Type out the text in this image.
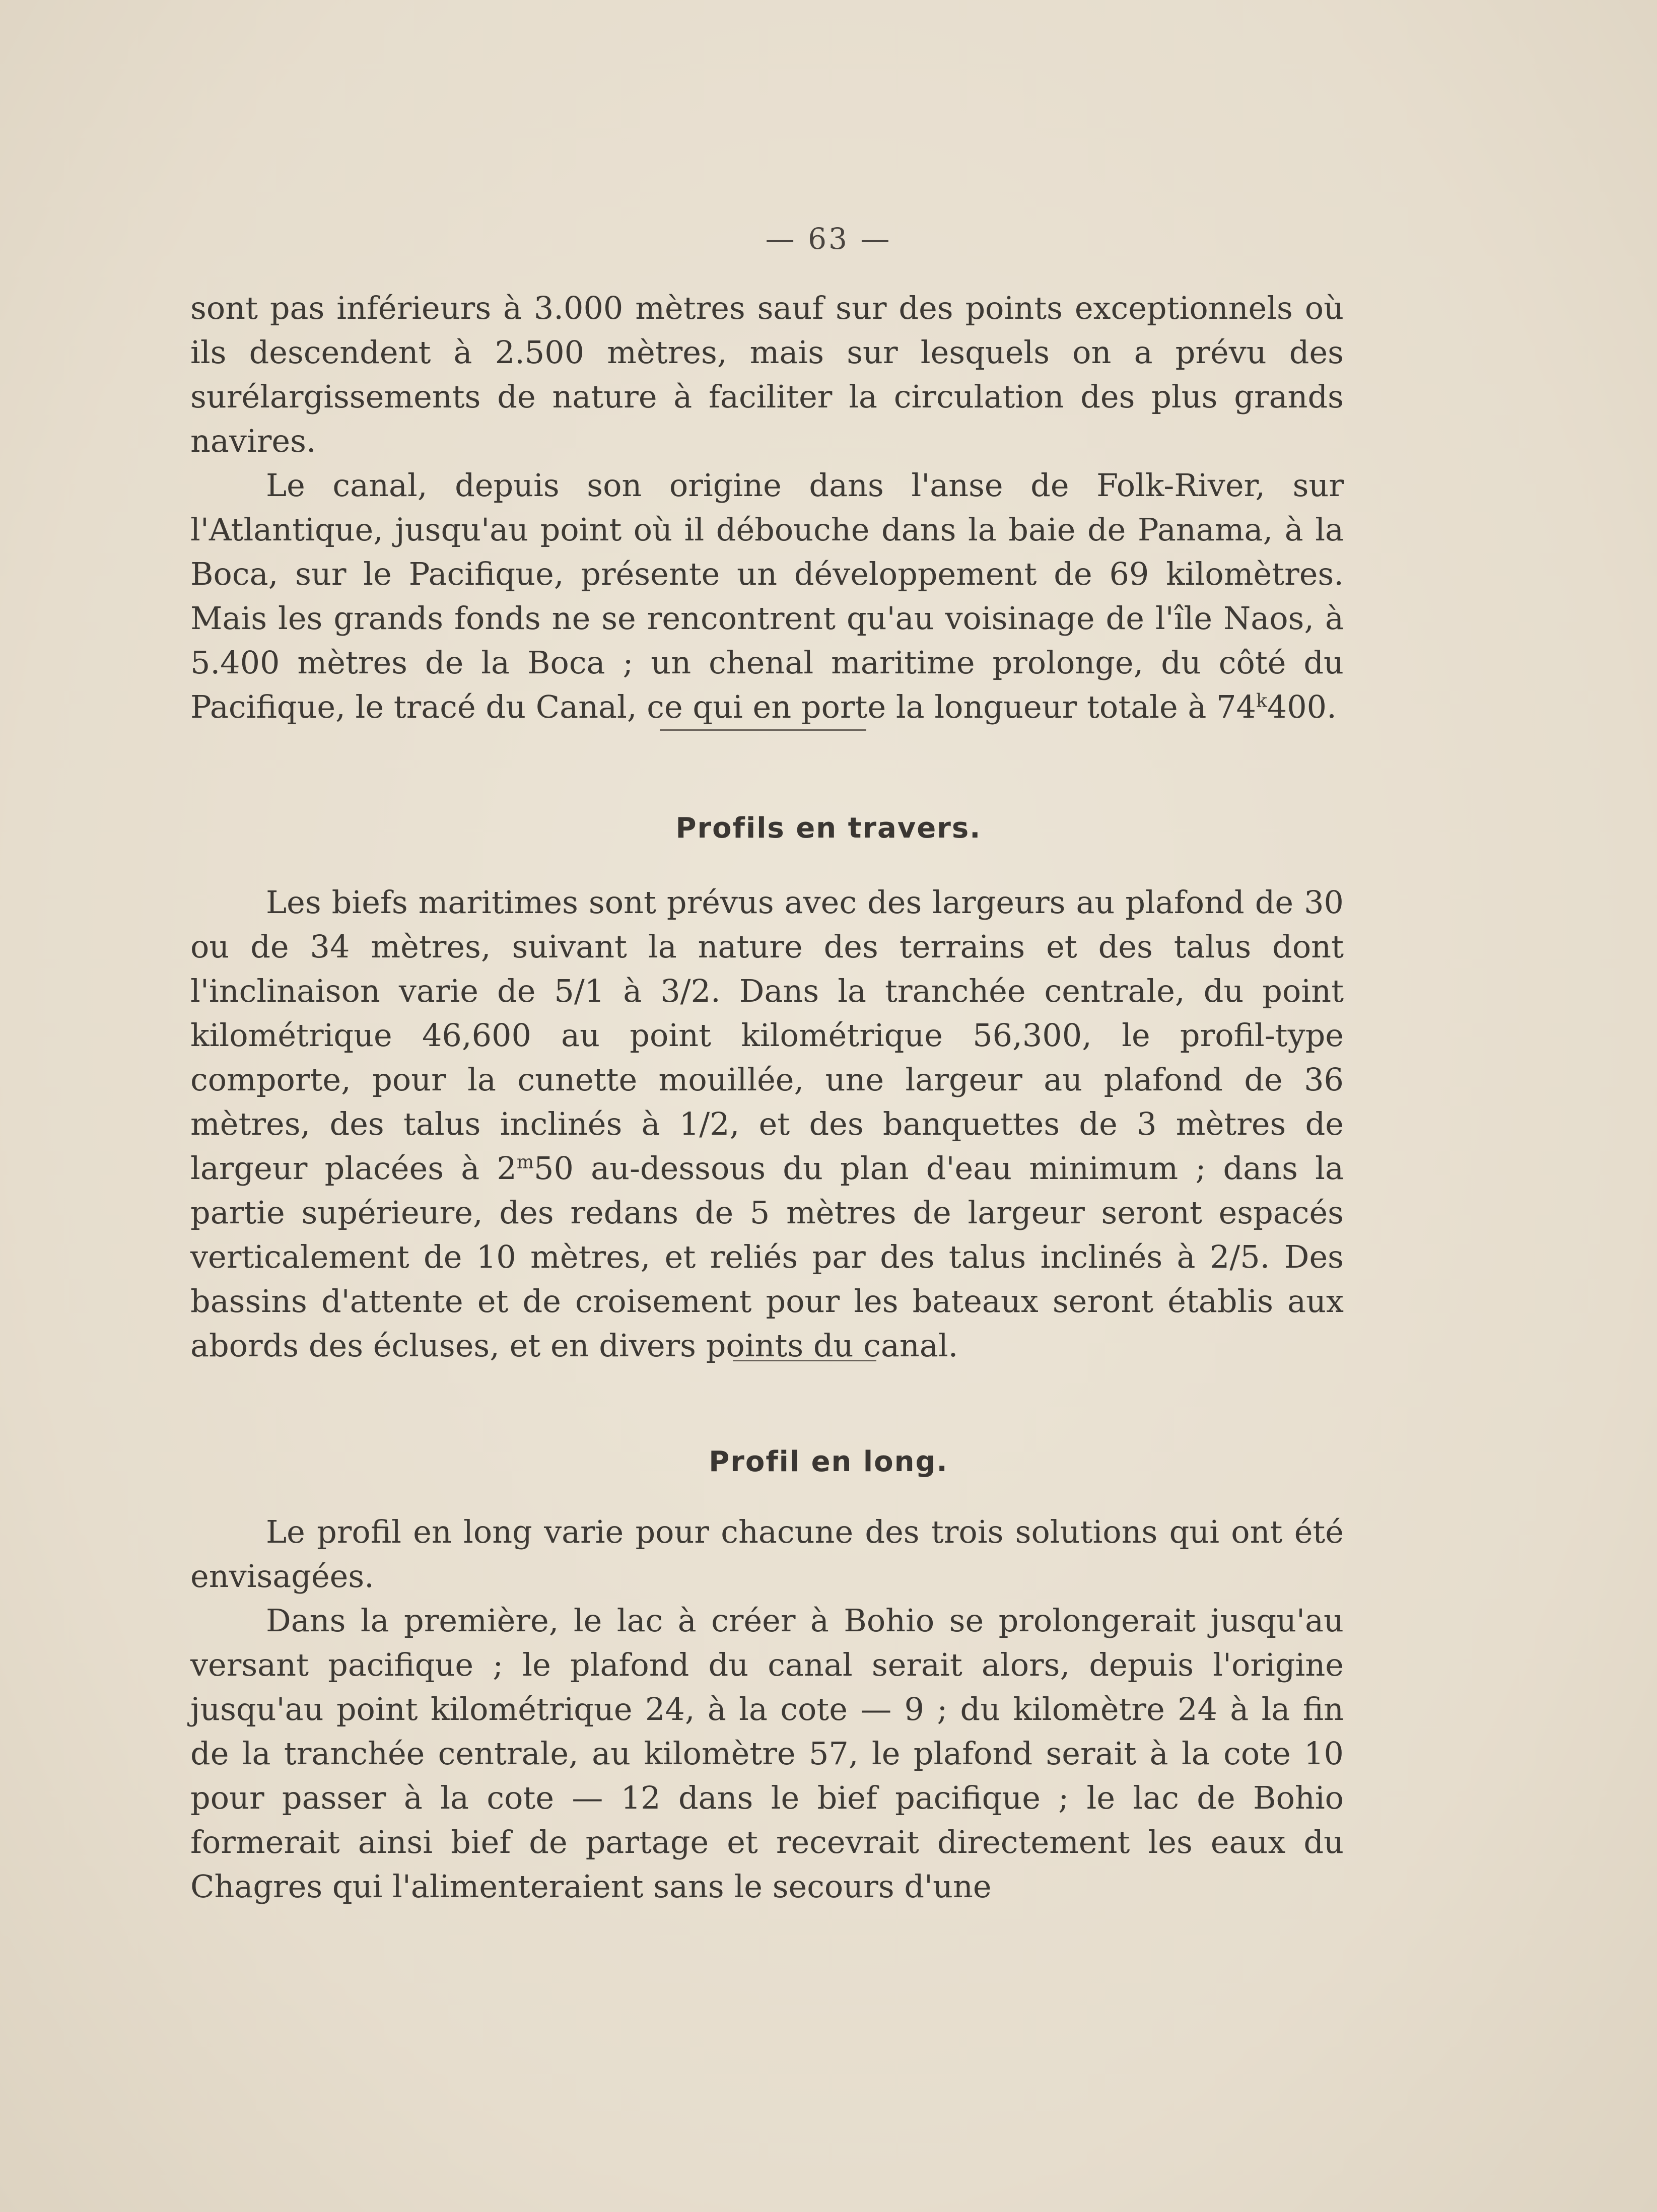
— 63 —

sont pas inférieurs à 3.000 mètres sauf sur des points exceptionnels où ils descendent à 2.500 mètres, mais sur lesquels on a prévu des surélargissements de nature à faciliter la circulation des plus grands navires.

Le canal, depuis son origine dans l'anse de Folk-River, sur l'Atlantique, jusqu'au point où il débouche dans la baie de Panama, à la Boca, sur le Pacifique, présente un développement de 69 kilomètres. Mais les grands fonds ne se rencontrent qu'au voisinage de l'île Naos, à 5.400 mètres de la Boca ; un chenal maritime prolonge, du côté du Pacifique, le tracé du Canal, ce qui en porte la longueur totale à 74$^k$400.

Profils en travers.

Les biefs maritimes sont prévus avec des largeurs au plafond de 30 ou de 34 mètres, suivant la nature des terrains et des talus dont l'inclinaison varie de 5/1 à 3/2. Dans la tranchée centrale, du point kilométrique 46,600 au point kilométrique 56,300, le profil-type comporte, pour la cunette mouillée, une largeur au plafond de 36 mètres, des talus inclinés à 1/2, et des banquettes de 3 mètres de largeur placées à 2$^m$50 au-dessous du plan d'eau minimum ; dans la partie supérieure, des redans de 5 mètres de largeur seront espacés verticalement de 10 mètres, et reliés par des talus inclinés à 2/5. Des bassins d'attente et de croisement pour les bateaux seront établis aux abords des écluses, et en divers points du canal.

Profil en long.

Le profil en long varie pour chacune des trois solutions qui ont été envisagées.

Dans la première, le lac à créer à Bohio se prolongerait jusqu'au versant pacifique ; le plafond du canal serait alors, depuis l'origine jusqu'au point kilométrique 24, à la cote — 9 ; du kilomètre 24 à la fin de la tranchée centrale, au kilomètre 57, le plafond serait à la cote 10 pour passer à la cote — 12 dans le bief pacifique ; le lac de Bohio formerait ainsi bief de partage et recevrait directement les eaux du Chagres qui l'alimenteraient sans le secours d'une
